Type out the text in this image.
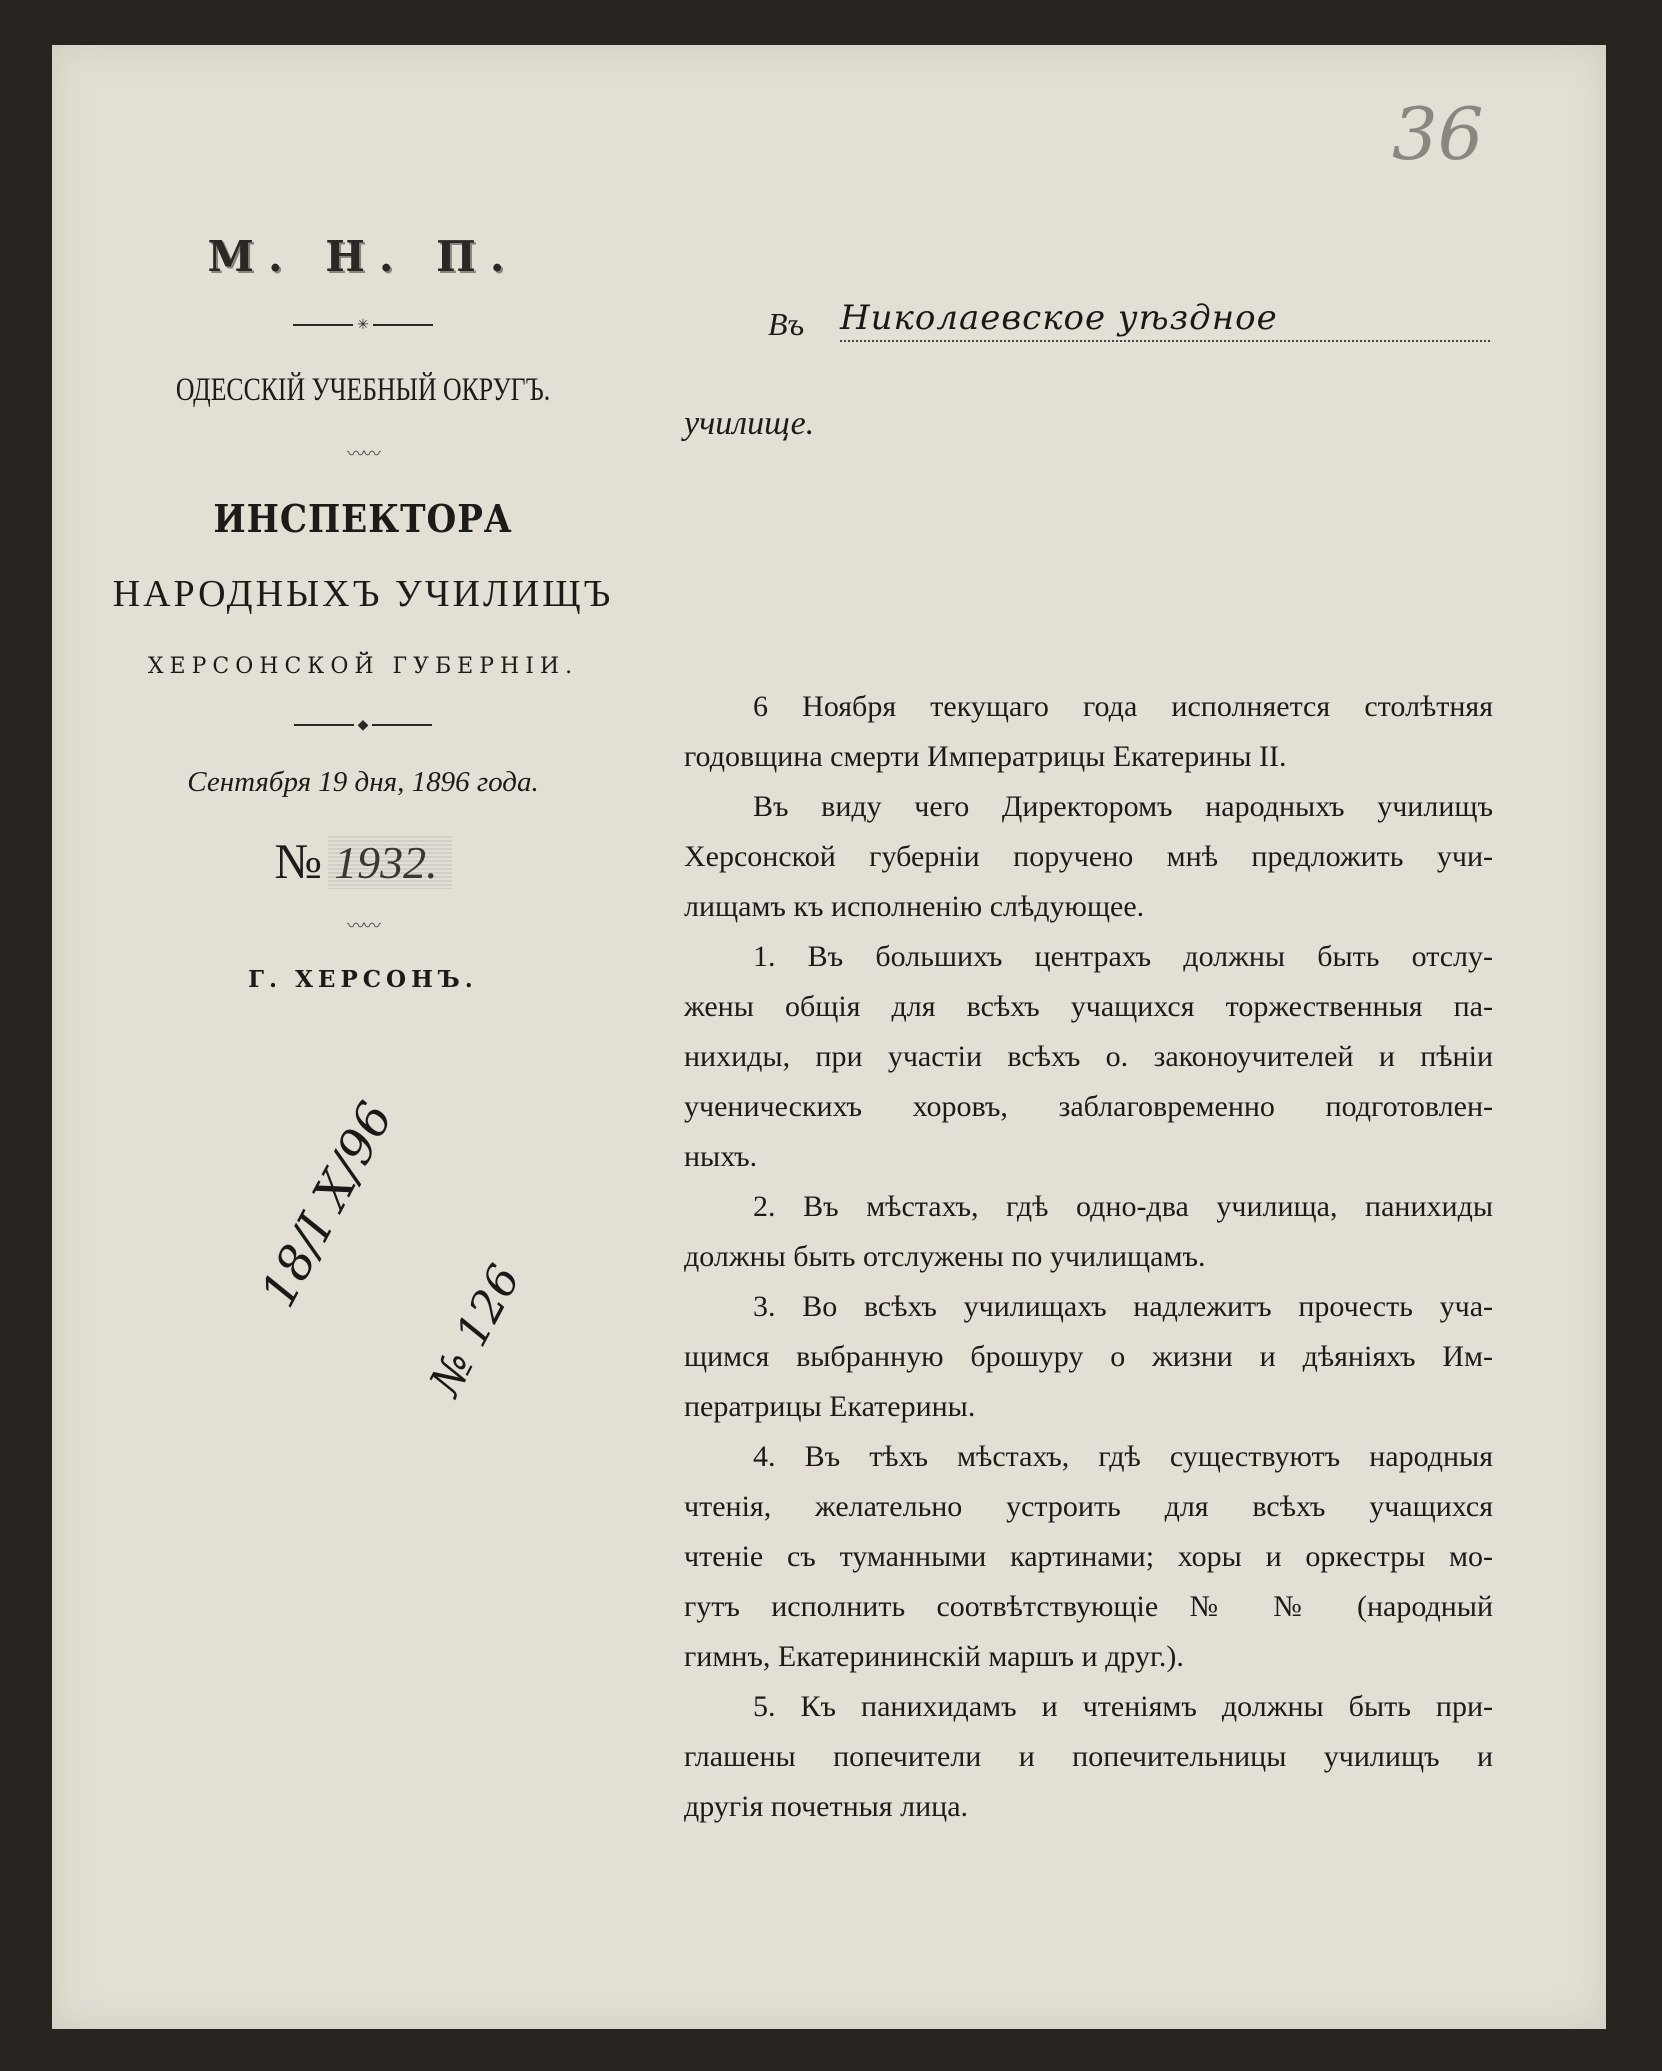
36
М. Н. П.
✳
ОДЕССКІЙ УЧЕБНЫЙ ОКРУГЪ.
〰〰
ИНСПЕКТОРА
НАРОДНЫХЪ УЧИЛИЩЪ
ХЕРСОНСКОЙ ГУБЕРНІИ.
◆
Сентября 19 дня, 1896 года.
№ 1932.
〰〰
Г. ХЕРСОНЪ.
18/I X/96
№ 126
Въ Николаевское уѣздное
училище.
6 Ноября текущаго года исполняется столѣтняя
годовщина смерти Императрицы Екатерины II.
Въ виду чего Директоромъ народныхъ училищъ
Херсонской губерніи поручено мнѣ предложить учи-
лищамъ къ исполненію слѣдующее.
1. Въ большихъ центрахъ должны быть отслу-
жены общія для всѣхъ учащихся торжественныя па-
нихиды, при участіи всѣхъ о. законоучителей и пѣніи
ученическихъ хоровъ, заблаговременно подготовлен-
ныхъ.
2. Въ мѣстахъ, гдѣ одно-два училища, панихиды
должны быть отслужены по училищамъ.
3. Во всѣхъ училищахъ надлежитъ прочесть уча-
щимся выбранную брошуру о жизни и дѣяніяхъ Им-
ператрицы Екатерины.
4. Въ тѣхъ мѣстахъ, гдѣ существуютъ народныя
чтенія, желательно устроить для всѣхъ учащихся
чтеніе съ туманными картинами; хоры и оркестры мо-
гутъ исполнить соотвѣтствующіе № № (народный
гимнъ, Екатерининскій маршъ и друг.).
5. Къ панихидамъ и чтеніямъ должны быть при-
глашены попечители и попечительницы училищъ и
другія почетныя лица.
